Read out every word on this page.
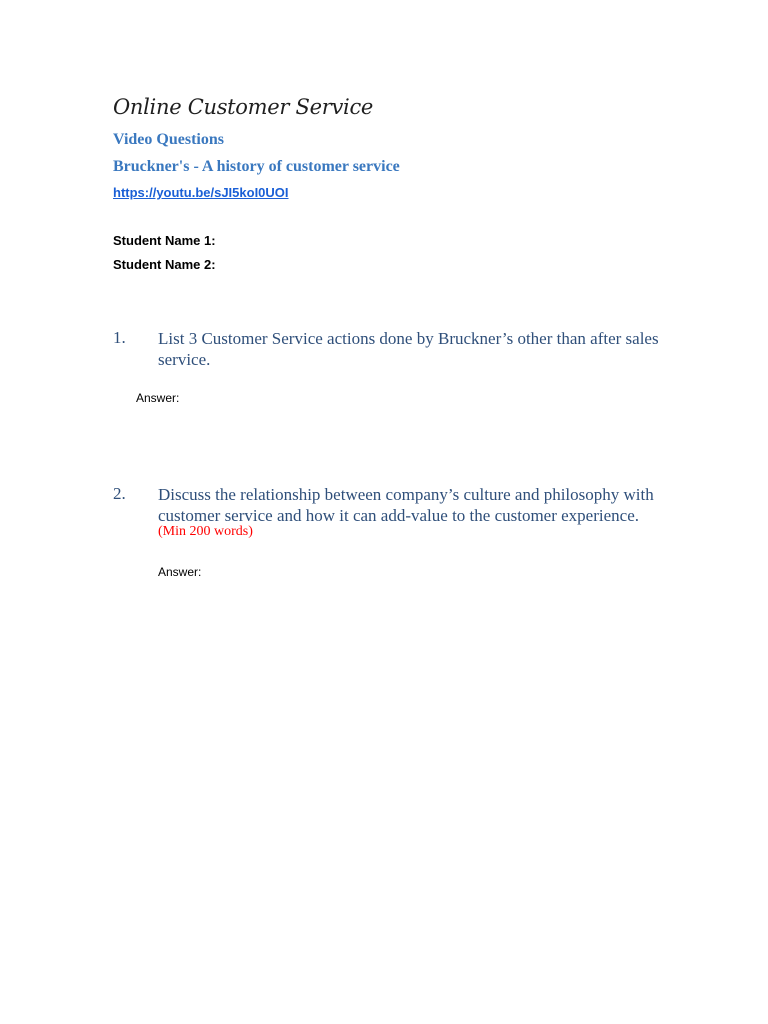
Online Customer Service
Video Questions
Bruckner's - A history of customer service
https://youtu.be/sJI5koI0UOI
Student Name 1:
Student Name 2:
1. List 3 Customer Service actions done by Bruckner’s other than after sales service.
Answer:
2. Discuss the relationship between company’s culture and philosophy with customer service and how it can add-value to the customer experience.
(Min 200 words)
Answer:
